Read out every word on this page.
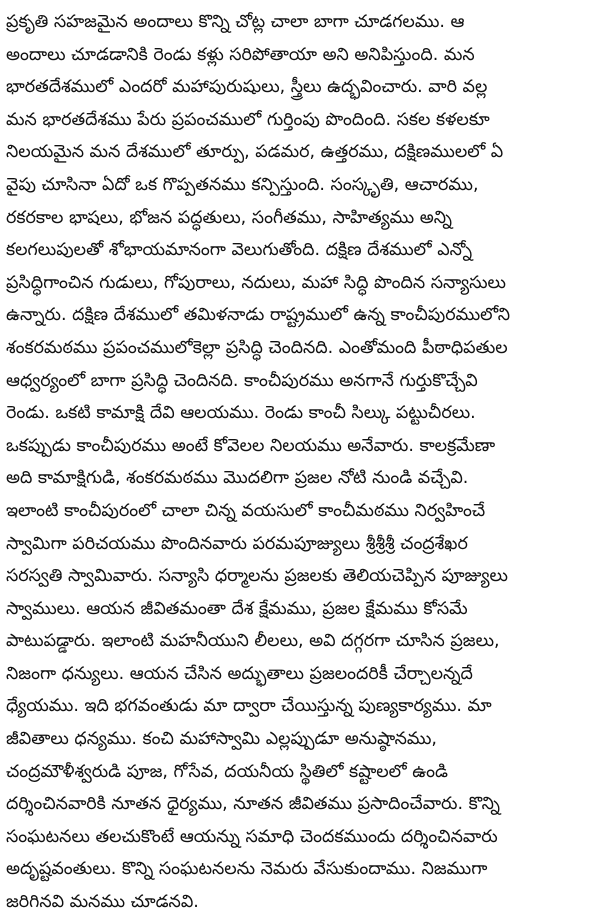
ప్రకృతి సహజమైన అందాలు కొన్ని చోట్ల చాలా బాగా చూడగలము. ఆ
అందాలు చూడడానికి రెండు కళ్లు సరిపోతాయా అని అనిపిస్తుంది. మన
భారతదేశములో ఎందరో మహాపురుషులు, స్త్రీలు ఉద్భవించారు. వారి వల్ల
మన భారతదేశము పేరు ప్రపంచములో గుర్తింపు పొందింది. సకల కళలకూ
నిలయమైన మన దేశములో తూర్పు, పడమర, ఉత్తరము, దక్షిణములలో ఏ
వైపు చూసినా ఏదో ఒక గొప్పతనము కన్పిస్తుంది. సంస్కృతి, ఆచారము,
రకరకాల భాషలు, భోజన పద్ధతులు, సంగీతము, సాహిత్యము అన్ని
కలగలుపులతో శోభాయమానంగా వెలుగుతోంది. దక్షిణ దేశములో ఎన్నో
ప్రసిద్ధిగాంచిన గుడులు, గోపురాలు, నదులు, మహా సిద్ధి పొందిన సన్యాసులు
ఉన్నారు. దక్షిణ దేశములో తమిళనాడు రాష్ట్రములో ఉన్న కాంచీపురములోని
శంకరమఠము ప్రపంచములోకెల్లా ప్రసిద్ధి చెందినది. ఎంతోమంది పీఠాధిపతుల
ఆధ్వర్యంలో బాగా ప్రసిద్ధి చెందినది. కాంచీపురము అనగానే గుర్తుకొచ్చేవి
రెండు. ఒకటి కామాక్షి దేవి ఆలయము. రెండు కాంచీ సిల్కు పట్టుచీరలు.
ఒకప్పుడు కాంచీపురము అంటే కోవెలల నిలయము అనేవారు. కాలక్రమేణా
అది కామాక్షిగుడి, శంకరమఠము మొదలిగా ప్రజల నోటి నుండి వచ్చేవి.
ఇలాంటి కాంచీపురంలో చాలా చిన్న వయసులో కాంచీమఠము నిర్వహించే
స్వామిగా పరిచయము పొందినవారు పరమపూజ్యులు శ్రీశ్రీశ్రీ చంద్రశేఖర
సరస్వతి స్వామివారు. సన్యాసి ధర్మాలను ప్రజలకు తెలియచెప్పిన పూజ్యులు
స్వాములు. ఆయన జీవితమంతా దేశ క్షేమము, ప్రజల క్షేమము కోసమే
పాటుపడ్డారు. ఇలాంటి మహనీయుని లీలలు, అవి దగ్గరగా చూసిన ప్రజలు,
నిజంగా ధన్యులు. ఆయన చేసిన అద్భుతాలు ప్రజలందరికీ చేర్చాలన్నదే
ధ్యేయము. ఇది భగవంతుడు మా ద్వారా చేయిస్తున్న పుణ్యకార్యము. మా
జీవితాలు ధన్యము. కంచి మహాస్వామి ఎల్లప్పుడూ అనుష్ఠానము,
చంద్రమౌళీశ్వరుడి పూజ, గోసేవ, దయనీయ స్థితిలో కష్టాలలో ఉండి
దర్శించినవారికి నూతన ధైర్యము, నూతన జీవితము ప్రసాదించేవారు. కొన్ని
సంఘటనలు తలచుకొంటే ఆయన్ను సమాధి చెందకముందు దర్శించినవారు
అదృష్టవంతులు. కొన్ని సంఘటనలను నెమరు వేసుకుందాము. నిజముగా
జరిగినవి మనము చూడనవి.
